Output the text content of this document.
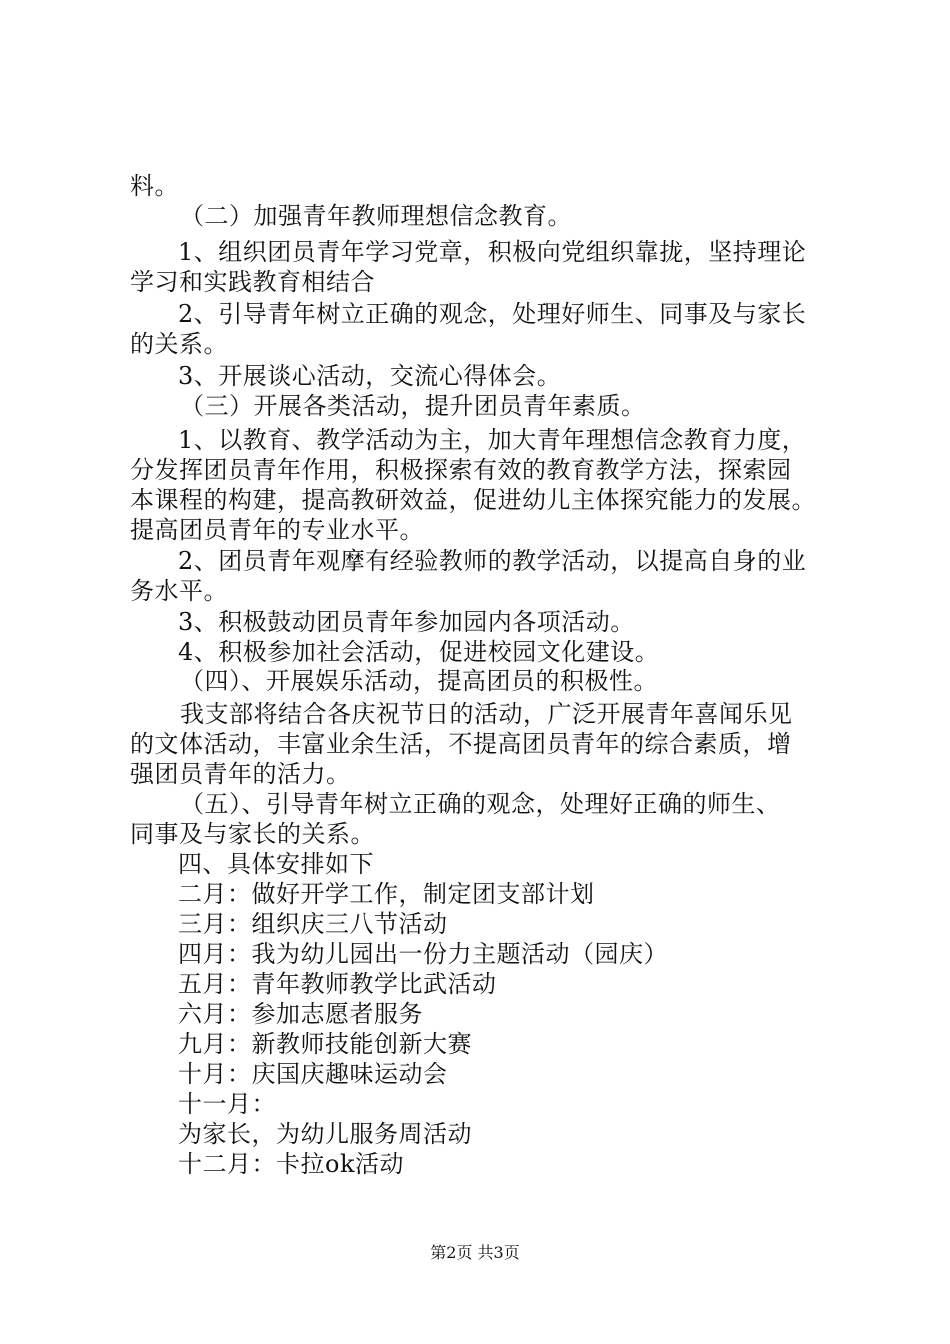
料。
（二）加强青年教师理想信念教育。
1、组织团员青年学习党章，积极向党组织靠拢，坚持理论
学习和实践教育相结合
2、引导青年树立正确的观念，处理好师生、同事及与家长
的关系。
3、开展谈心活动，交流心得体会。
（三）开展各类活动，提升团员青年素质。
1、以教育、教学活动为主，加大青年理想信念教育力度，
分发挥团员青年作用，积极探索有效的教育教学方法，探索园
本课程的构建，提高教研效益，促进幼儿主体探究能力的发展。
提高团员青年的专业水平。
2、团员青年观摩有经验教师的教学活动，以提高自身的业
务水平。
3、积极鼓动团员青年参加园内各项活动。
4、积极参加社会活动，促进校园文化建设。
（四）、开展娱乐活动，提高团员的积极性。
我支部将结合各庆祝节日的活动，广泛开展青年喜闻乐见
的文体活动，丰富业余生活，不提高团员青年的综合素质，增
强团员青年的活力。
（五）、引导青年树立正确的观念，处理好正确的师生、
同事及与家长的关系。
四、具体安排如下
二月：做好开学工作，制定团支部计划
三月：组织庆三八节活动
四月：我为幼儿园出一份力主题活动（园庆）
五月：青年教师教学比武活动
六月：参加志愿者服务
九月：新教师技能创新大赛
十月：庆国庆趣味运动会
十一月：
为家长，为幼儿服务周活动
十二月：卡拉ok活动
第2页 共3页
